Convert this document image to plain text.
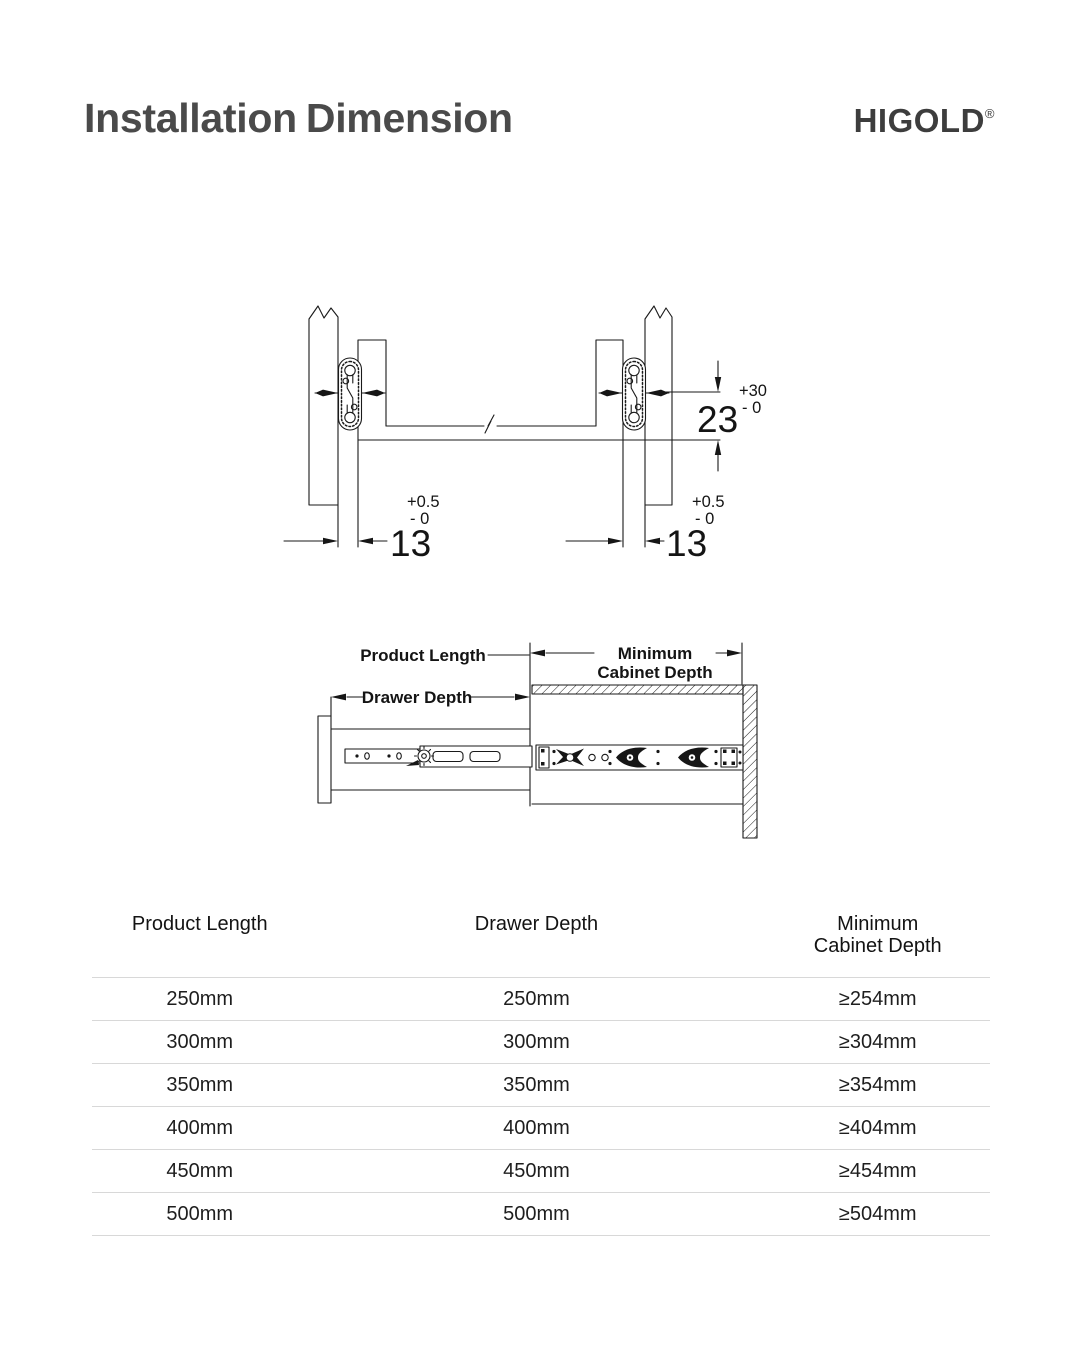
Installation Dimension	HIGOLD®
23
+30
- 0
13
+0.5
- 0
13
+0.5
- 0
Product Length	Minimum
Cabinet Depth
Drawer Depth
Product Length	Drawer Depth	Minimum
Cabinet Depth
250mm	250mm	≥254mm
300mm	300mm	≥304mm
350mm	350mm	≥354mm
400mm	400mm	≥404mm
450mm	450mm	≥454mm
500mm	500mm	≥504mm
